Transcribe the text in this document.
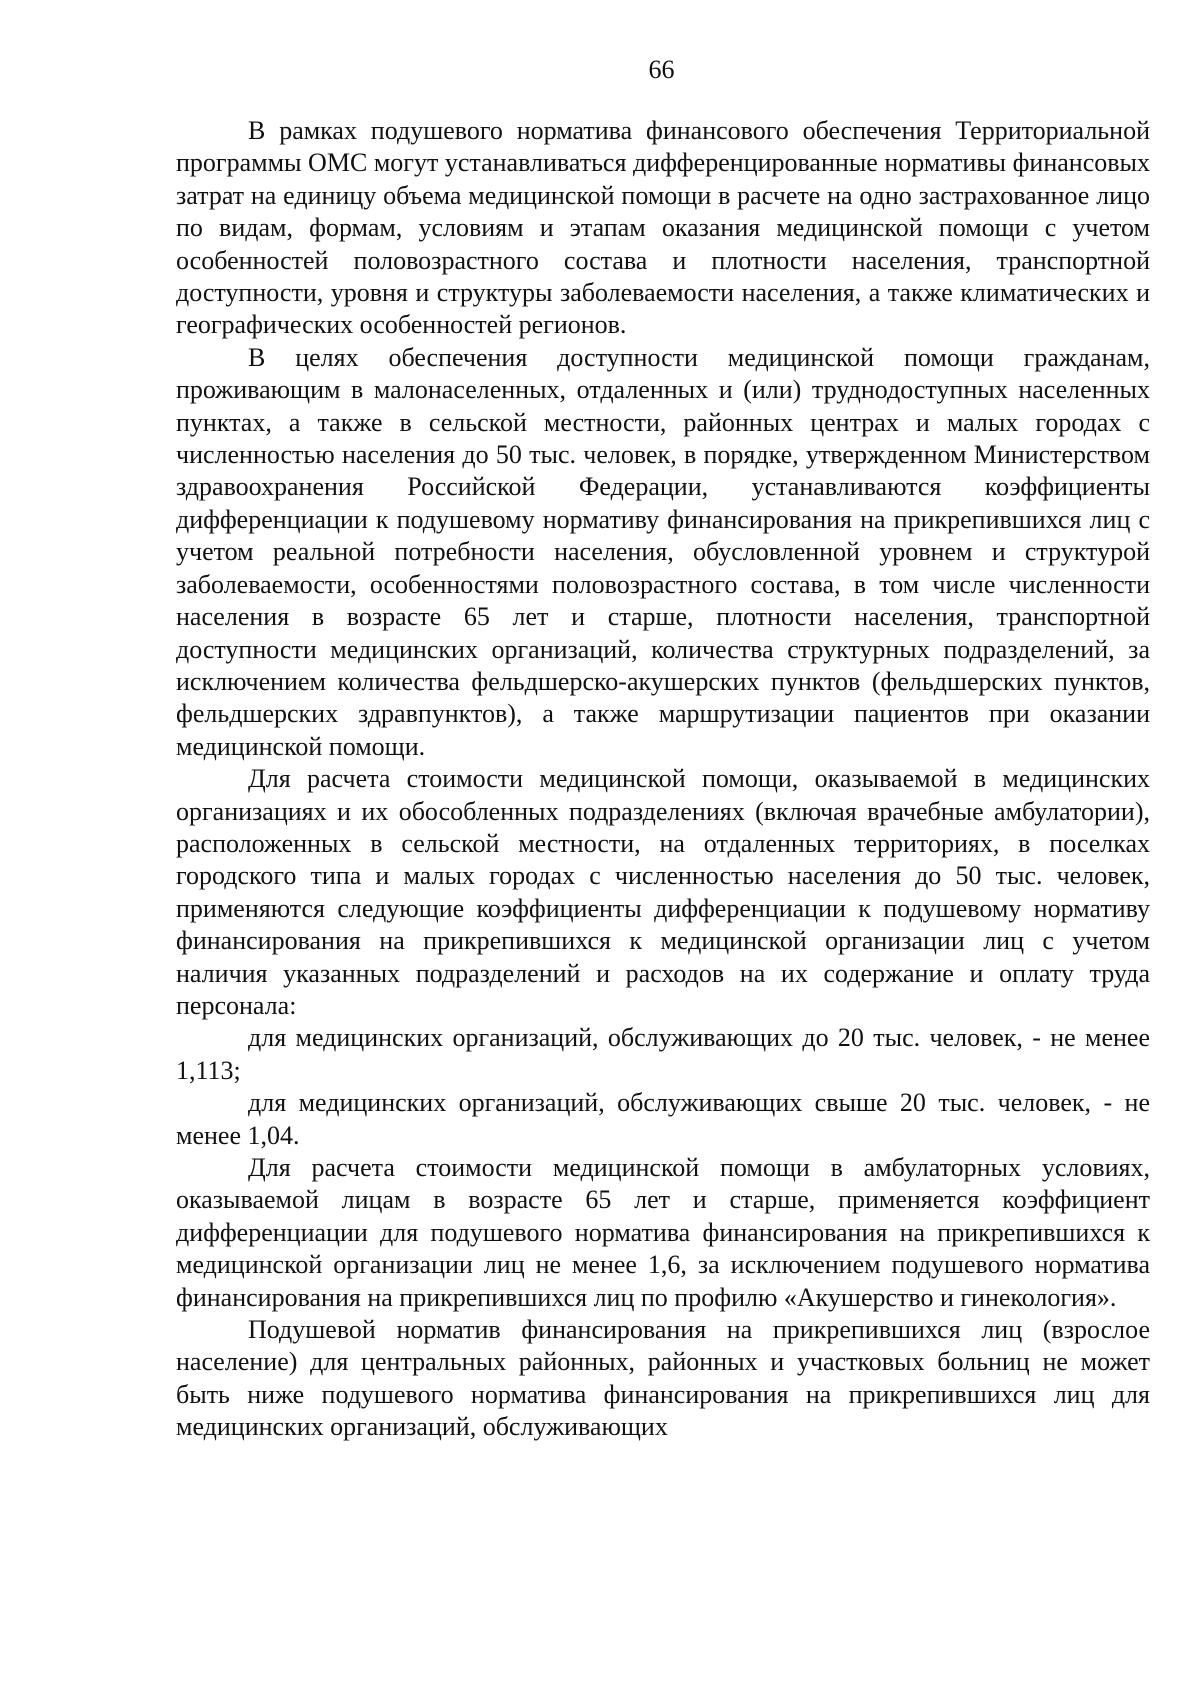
66

В рамках подушевого норматива финансового обеспечения Территориальной программы ОМС могут устанавливаться дифференцированные нормативы финансовых затрат на единицу объема медицинской помощи в расчете на одно застрахованное лицо по видам, формам, условиям и этапам оказания медицинской помощи с учетом особенностей половозрастного состава и плотности населения, транспортной доступности, уровня и структуры заболеваемости населения, а также климатических и географических особенностей регионов.

В целях обеспечения доступности медицинской помощи гражданам, проживающим в малонаселенных, отдаленных и (или) труднодоступных населенных пунктах, а также в сельской местности, районных центрах и малых городах с численностью населения до 50 тыс. человек, в порядке, утвержденном Министерством здравоохранения Российской Федерации, устанавливаются коэффициенты дифференциации к подушевому нормативу финансирования на прикрепившихся лиц с учетом реальной потребности населения, обусловленной уровнем и структурой заболеваемости, особенностями половозрастного состава, в том числе численности населения в возрасте 65 лет и старше, плотности населения, транспортной доступности медицинских организаций, количества структурных подразделений, за исключением количества фельдшерско-акушерских пунктов (фельдшерских пунктов, фельдшерских здравпунктов), а также маршрутизации пациентов при оказании медицинской помощи.

Для расчета стоимости медицинской помощи, оказываемой в медицинских организациях и их обособленных подразделениях (включая врачебные амбулатории), расположенных в сельской местности, на отдаленных территориях, в поселках городского типа и малых городах с численностью населения до 50 тыс. человек, применяются следующие коэффициенты дифференциации к подушевому нормативу финансирования на прикрепившихся к медицинской организации лиц с учетом наличия указанных подразделений и расходов на их содержание и оплату труда персонала:

для медицинских организаций, обслуживающих до 20 тыс. человек, - не менее 1,113;

для медицинских организаций, обслуживающих свыше 20 тыс. человек, - не менее 1,04.

Для расчета стоимости медицинской помощи в амбулаторных условиях, оказываемой лицам в возрасте 65 лет и старше, применяется коэффициент дифференциации для подушевого норматива финансирования на прикрепившихся к медицинской организации лиц не менее 1,6, за исключением подушевого норматива финансирования на прикрепившихся лиц по профилю «Акушерство и гинекология».

Подушевой норматив финансирования на прикрепившихся лиц (взрослое население) для центральных районных, районных и участковых больниц не может быть ниже подушевого норматива финансирования на прикрепившихся лиц для медицинских организаций, обслуживающих
